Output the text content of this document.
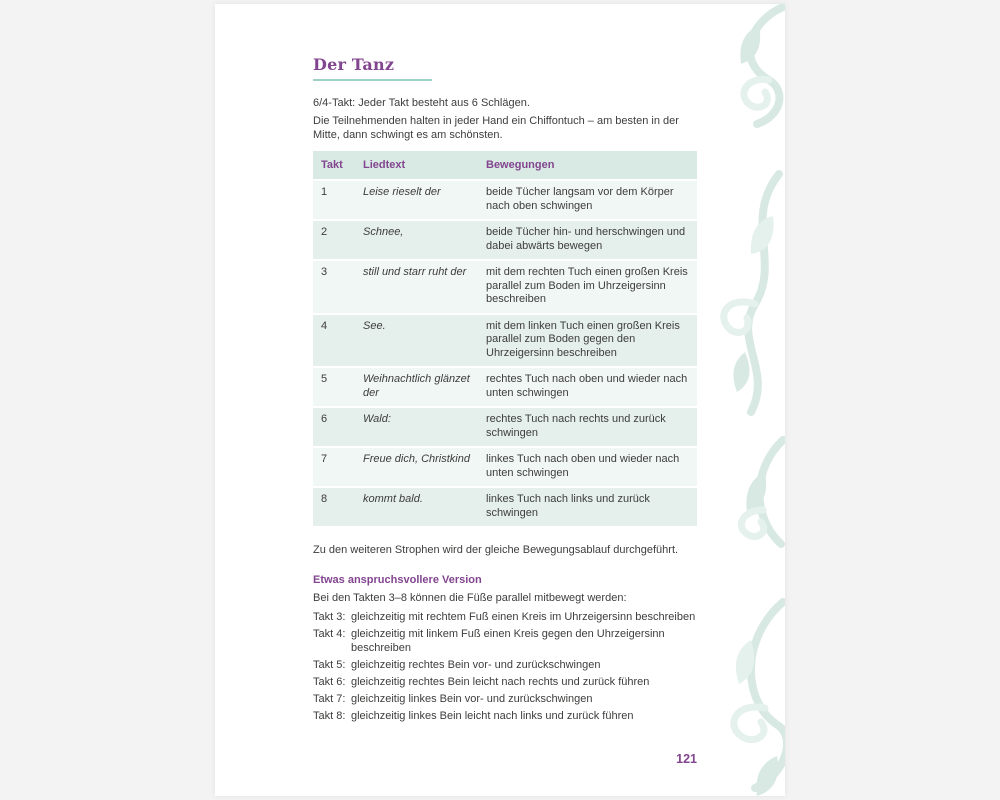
Der Tanz

6/4-Takt: Jeder Takt besteht aus 6 Schlägen.

Die Teilnehmenden halten in jeder Hand ein Chiffontuch – am besten in der Mitte, dann schwingt es am schönsten.

Takt	Liedtext	Bewegungen
1	Leise rieselt der	beide Tücher langsam vor dem Körper nach oben schwingen
2	Schnee,	beide Tücher hin- und herschwingen und dabei abwärts bewegen
3	still und starr ruht der	mit dem rechten Tuch einen großen Kreis parallel zum Boden im Uhrzeigersinn beschreiben
4	See.	mit dem linken Tuch einen großen Kreis parallel zum Boden gegen den Uhrzeigersinn beschreiben
5	Weihnachtlich glänzet der	rechtes Tuch nach oben und wieder nach unten schwingen
6	Wald:	rechtes Tuch nach rechts und zurück schwingen
7	Freue dich, Christkind	linkes Tuch nach oben und wieder nach unten schwingen
8	kommt bald.	linkes Tuch nach links und zurück schwingen

Zu den weiteren Strophen wird der gleiche Bewegungsablauf durchgeführt.

Etwas anspruchsvollere Version

Bei den Takten 3–8 können die Füße parallel mitbewegt werden:

Takt 3: gleichzeitig mit rechtem Fuß einen Kreis im Uhrzeigersinn beschreiben
Takt 4: gleichzeitig mit linkem Fuß einen Kreis gegen den Uhrzeigersinn beschreiben
Takt 5: gleichzeitig rechtes Bein vor- und zurückschwingen
Takt 6: gleichzeitig rechtes Bein leicht nach rechts und zurück führen
Takt 7: gleichzeitig linkes Bein vor- und zurückschwingen
Takt 8: gleichzeitig linkes Bein leicht nach links und zurück führen
121
